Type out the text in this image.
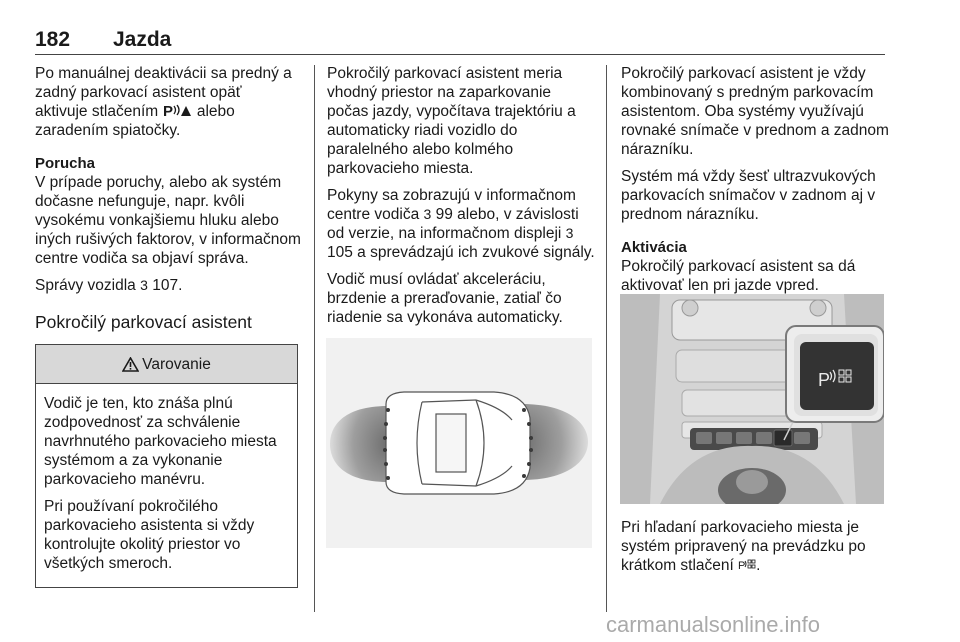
182 Jazda

Po manuálnej deaktivácii sa predný a
zadný parkovací asistent opäť
aktivuje stlačením P alebo
zaradením spiatočky.

Porucha

V prípade poruchy, alebo ak systém dočasne nefunguje, napr. kvôli vysokému vonkajšiemu hluku alebo iných rušivých faktorov, v informačnom centre vodiča sa objaví správa.

Správy vozidla 3 107.

Pokročilý parkovací asistent
Varovanie

Vodič je ten, kto znáša plnú zodpovednosť za schválenie navrhnutého parkovacieho miesta systémom a za vykonanie parkovacieho manévru.

Pri používaní pokročilého parkovacieho asistenta si vždy kontrolujte okolitý priestor vo všetkých smeroch.

Pokročilý parkovací asistent meria vhodný priestor na zaparkovanie počas jazdy, vypočítava trajektóriu a automaticky riadi vozidlo do paralelného alebo kolmého parkovacieho miesta.

Pokyny sa zobrazujú v informačnom centre vodiča 3 99 alebo, v závislosti od verzie, na informačnom displeji 3 105 a sprevádzajú ich zvukové signály.

Vodič musí ovládať akceleráciu, brzdenie a preraďovanie, zatiaľ čo riadenie sa vykonáva automaticky.

Pokročilý parkovací asistent je vždy kombinovaný s predným parkovacím asistentom. Oba systémy využívajú rovnaké snímače v prednom a zadnom nárazníku.

Systém má vždy šesť ultrazvukových parkovacích snímačov v zadnom aj v prednom nárazníku.

Aktivácia

Pokročilý parkovací asistent sa dá aktivovať len pri jazde vpred.

P

Pri hľadaní parkovacieho miesta je systém pripravený na prevádzku po krátkom stlačení P .

carmanualsonline.info
